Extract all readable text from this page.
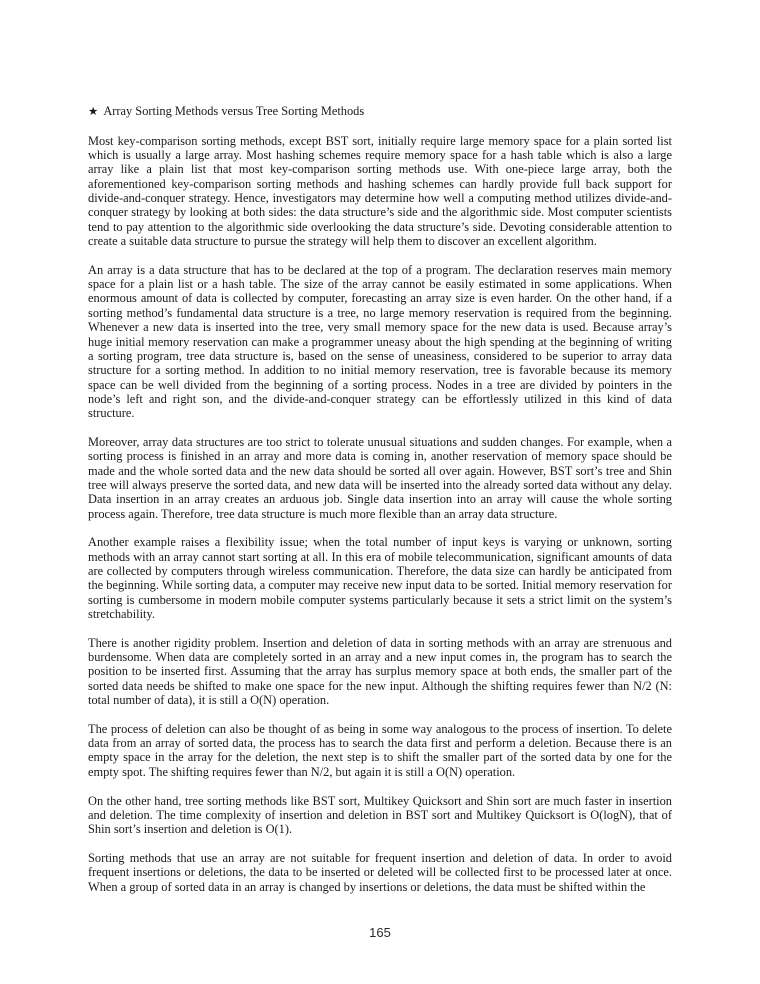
★ Array Sorting Methods versus Tree Sorting Methods

Most key-comparison sorting methods, except BST sort, initially require large memory space for a plain sorted list which is usually a large array. Most hashing schemes require memory space for a hash table which is also a large array like a plain list that most key-comparison sorting methods use. With one-piece large array, both the aforementioned key-comparison sorting methods and hashing schemes can hardly provide full back support for divide-and-conquer strategy. Hence, investigators may determine how well a computing method utilizes divide-and-conquer strategy by looking at both sides: the data structure’s side and the algorithmic side. Most computer scientists tend to pay attention to the algorithmic side overlooking the data structure’s side. Devoting considerable attention to create a suitable data structure to pursue the strategy will help them to discover an excellent algorithm.

An array is a data structure that has to be declared at the top of a program. The declaration reserves main memory space for a plain list or a hash table. The size of the array cannot be easily estimated in some applications. When enormous amount of data is collected by computer, forecasting an array size is even harder. On the other hand, if a sorting method’s fundamental data structure is a tree, no large memory reservation is required from the beginning. Whenever a new data is inserted into the tree, very small memory space for the new data is used. Because array’s huge initial memory reservation can make a programmer uneasy about the high spending at the beginning of writing a sorting program, tree data structure is, based on the sense of uneasiness, considered to be superior to array data structure for a sorting method. In addition to no initial memory reservation, tree is favorable because its memory space can be well divided from the beginning of a sorting process. Nodes in a tree are divided by pointers in the node’s left and right son, and the divide-and-conquer strategy can be effortlessly utilized in this kind of data structure.

Moreover, array data structures are too strict to tolerate unusual situations and sudden changes. For example, when a sorting process is finished in an array and more data is coming in, another reservation of memory space should be made and the whole sorted data and the new data should be sorted all over again. However, BST sort’s tree and Shin tree will always preserve the sorted data, and new data will be inserted into the already sorted data without any delay. Data insertion in an array creates an arduous job. Single data insertion into an array will cause the whole sorting process again. Therefore, tree data structure is much more flexible than an array data structure.

Another example raises a flexibility issue; when the total number of input keys is varying or unknown, sorting methods with an array cannot start sorting at all. In this era of mobile telecommunication, significant amounts of data are collected by computers through wireless communication. Therefore, the data size can hardly be anticipated from the beginning. While sorting data, a computer may receive new input data to be sorted. Initial memory reservation for sorting is cumbersome in modern mobile computer systems particularly because it sets a strict limit on the system’s stretchability.

There is another rigidity problem. Insertion and deletion of data in sorting methods with an array are strenuous and burdensome. When data are completely sorted in an array and a new input comes in, the program has to search the position to be inserted first. Assuming that the array has surplus memory space at both ends, the smaller part of the sorted data needs be shifted to make one space for the new input. Although the shifting requires fewer than N/2 (N: total number of data), it is still a O(N) operation.

The process of deletion can also be thought of as being in some way analogous to the process of insertion. To delete data from an array of sorted data, the process has to search the data first and perform a deletion. Because there is an empty space in the array for the deletion, the next step is to shift the smaller part of the sorted data by one for the empty spot. The shifting requires fewer than N/2, but again it is still a O(N) operation.

On the other hand, tree sorting methods like BST sort, Multikey Quicksort and Shin sort are much faster in insertion and deletion. The time complexity of insertion and deletion in BST sort and Multikey Quicksort is O(logN), that of Shin sort’s insertion and deletion is O(1).

Sorting methods that use an array are not suitable for frequent insertion and deletion of data. In order to avoid frequent insertions or deletions, the data to be inserted or deleted will be collected first to be processed later at once. When a group of sorted data in an array is changed by insertions or deletions, the data must be shifted within the

165
